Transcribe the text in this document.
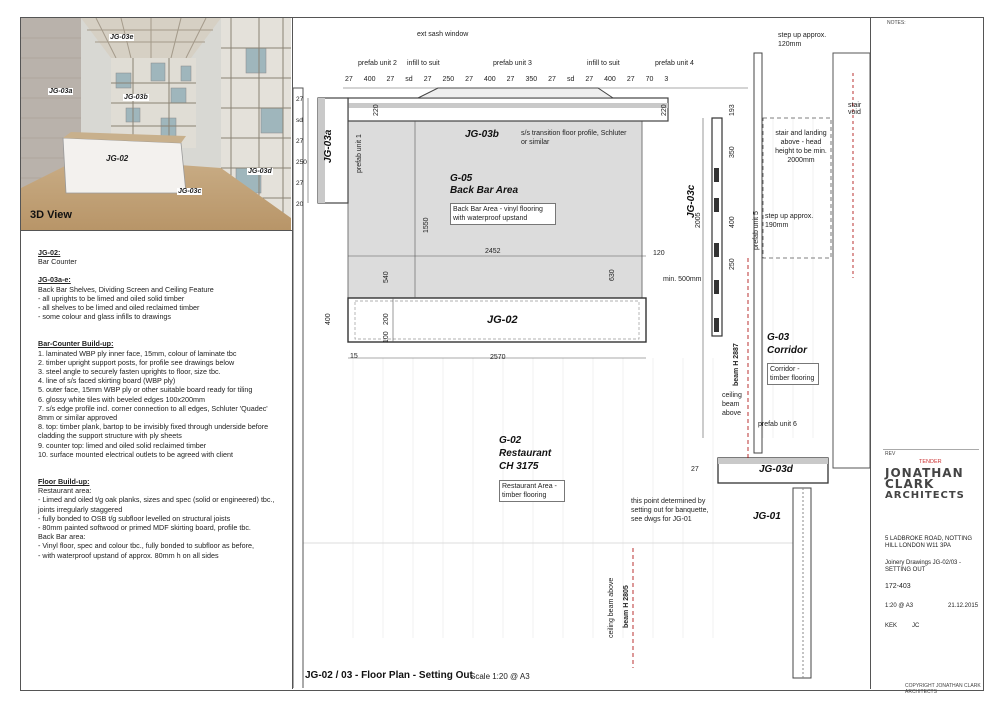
JG-03e
JG-03a
JG-03b
JG-02
JG-03c
JG-03d
3D View

JG-02:

Bar Counter

JG-03a-e:

Back Bar Shelves, Dividing Screen and Ceiling Feature

- all uprights to be limed and oiled solid timber

- all shelves to be limed and oiled reclaimed timber

- some colour and glass infills to drawings

Bar-Counter Build-up:

1. laminated WBP ply inner face, 15mm, colour of laminate tbc

2. timber upright support posts, for profile see drawings below

3. steel angle to securely fasten uprights to floor, size tbc.

4. line of s/s faced skirting board (WBP ply)

5. outer face, 15mm WBP ply or other suitable board ready for tiling

6. glossy white tiles with beveled edges 100x200mm

7. s/s edge profile incl. corner connection to all edges, Schluter 'Quadec' 8mm or similar approved

8. top: timber plank, bartop to be invisibly fixed through underside before cladding the support structure with ply sheets

9. counter top: limed and oiled solid reclaimed timber

10. surface mounted electrical outlets to be agreed with client

Floor Build-up:

Restaurant area:

- Limed and oiled t/g oak planks, sizes and spec (solid or engineered) tbc., joints irregularly staggered

- fully bonded to OSB t/g subfloor levelled on structural joists

- 80mm painted softwood or primed MDF skirting board, profile tbc.

Back Bar area:

- Vinyl floor, spec and colour tbc., fully bonded to subfloor as before,

- with waterproof upstand of approx. 80mm h on all sides

ext sash window
prefab unit 2 infill to suit	prefab unit 3	infill to suit	prefab unit 4
step up approx.
120mm
stair void
27 400 27 sd 27 250 27 400 27 350 27 sd 27 400 27 70 3
27
sd
27
250
27
20
JG-03a	JG-03b
JG-03c
JG-02
JG-03d
JG-01
G-05
Back Bar Area
Back Bar Area - vinyl flooring with waterproof upstand
G-02
Restaurant
CH 3175
Restaurant Area - timber flooring
G-03
Corridor
Corridor - timber flooring
s/s transition floor profile, Schluter or similar
stair and landing above - head height to be min. 2000mm
step up approx. 190mm
min. 500mm
ceiling beam above
beam H 2887
beam H 2805
ceiling beam above
prefab unit 5
prefab unit 6
prefab unit 1
this point determined by setting out for banquette, see dwgs for JG-01
1550
2452
540	630
120
400	200
100
15	2570
220	220
2005
193
350
400
250
27
JG-02 / 03 - Floor Plan - Setting Out
Scale 1:20 @ A3
NOTES:
REV
TENDER
JONATHAN
CLARK
ARCHITECTS
5 LADBROKE ROAD, NOTTING HILL LONDON W11 3PA
Joinery Drawings JG-02/03 - SETTING OUT
172-403
1:20 @ A3	21.12.2015
KEK JC
COPYRIGHT JONATHAN CLARK ARCHITECTS
